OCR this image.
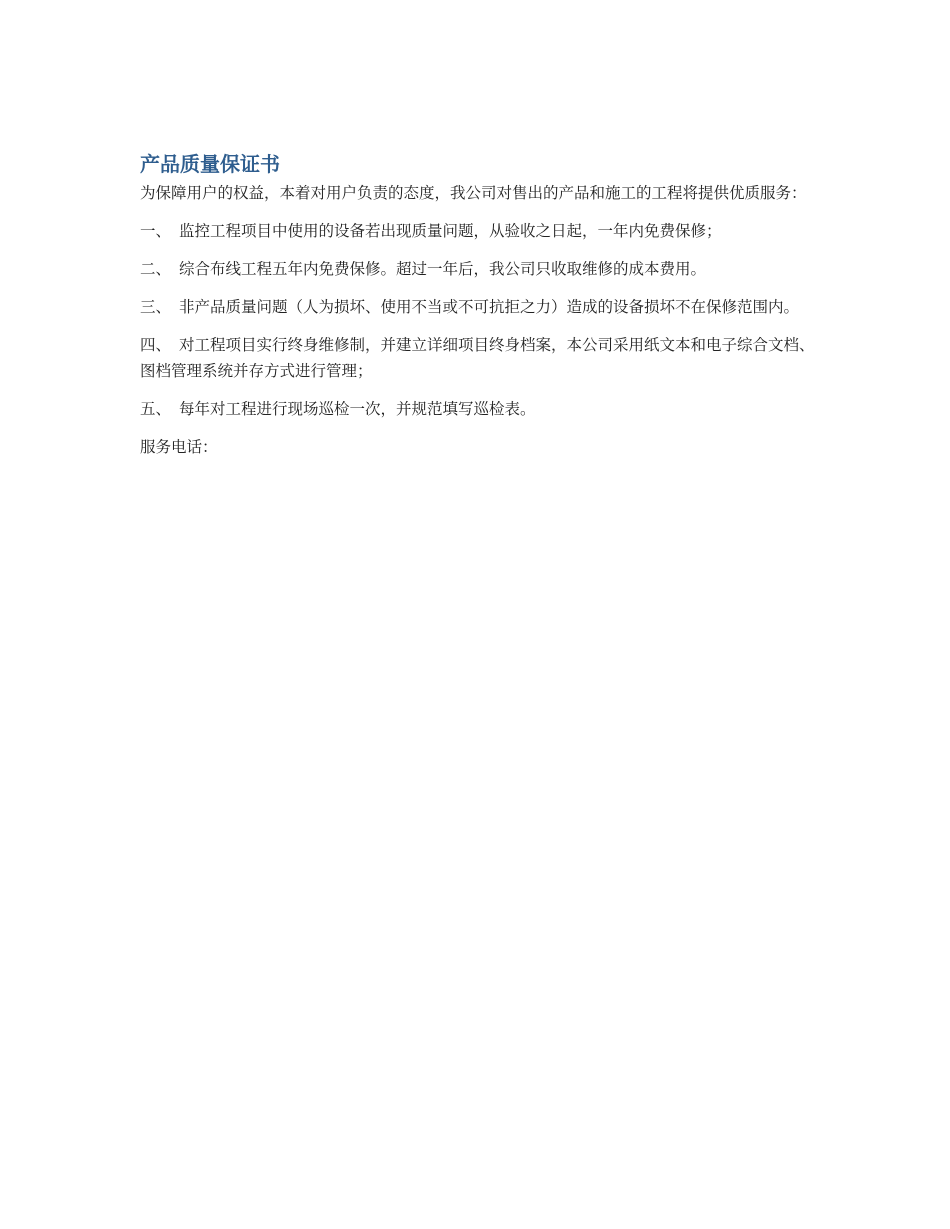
产品质量保证书

为保障用户的权益，本着对用户负责的态度，我公司对售出的产品和施工的工程将提供优质服务：

一、 监控工程项目中使用的设备若出现质量问题，从验收之日起，一年内免费保修；

二、 综合布线工程五年内免费保修。超过一年后，我公司只收取维修的成本费用。

三、 非产品质量问题（人为损坏、使用不当或不可抗拒之力）造成的设备损坏不在保修范围内。

四、 对工程项目实行终身维修制，并建立详细项目终身档案，本公司采用纸文本和电子综合文档、图档管理系统并存方式进行管理；

五、 每年对工程进行现场巡检一次，并规范填写巡检表。

服务电话：
